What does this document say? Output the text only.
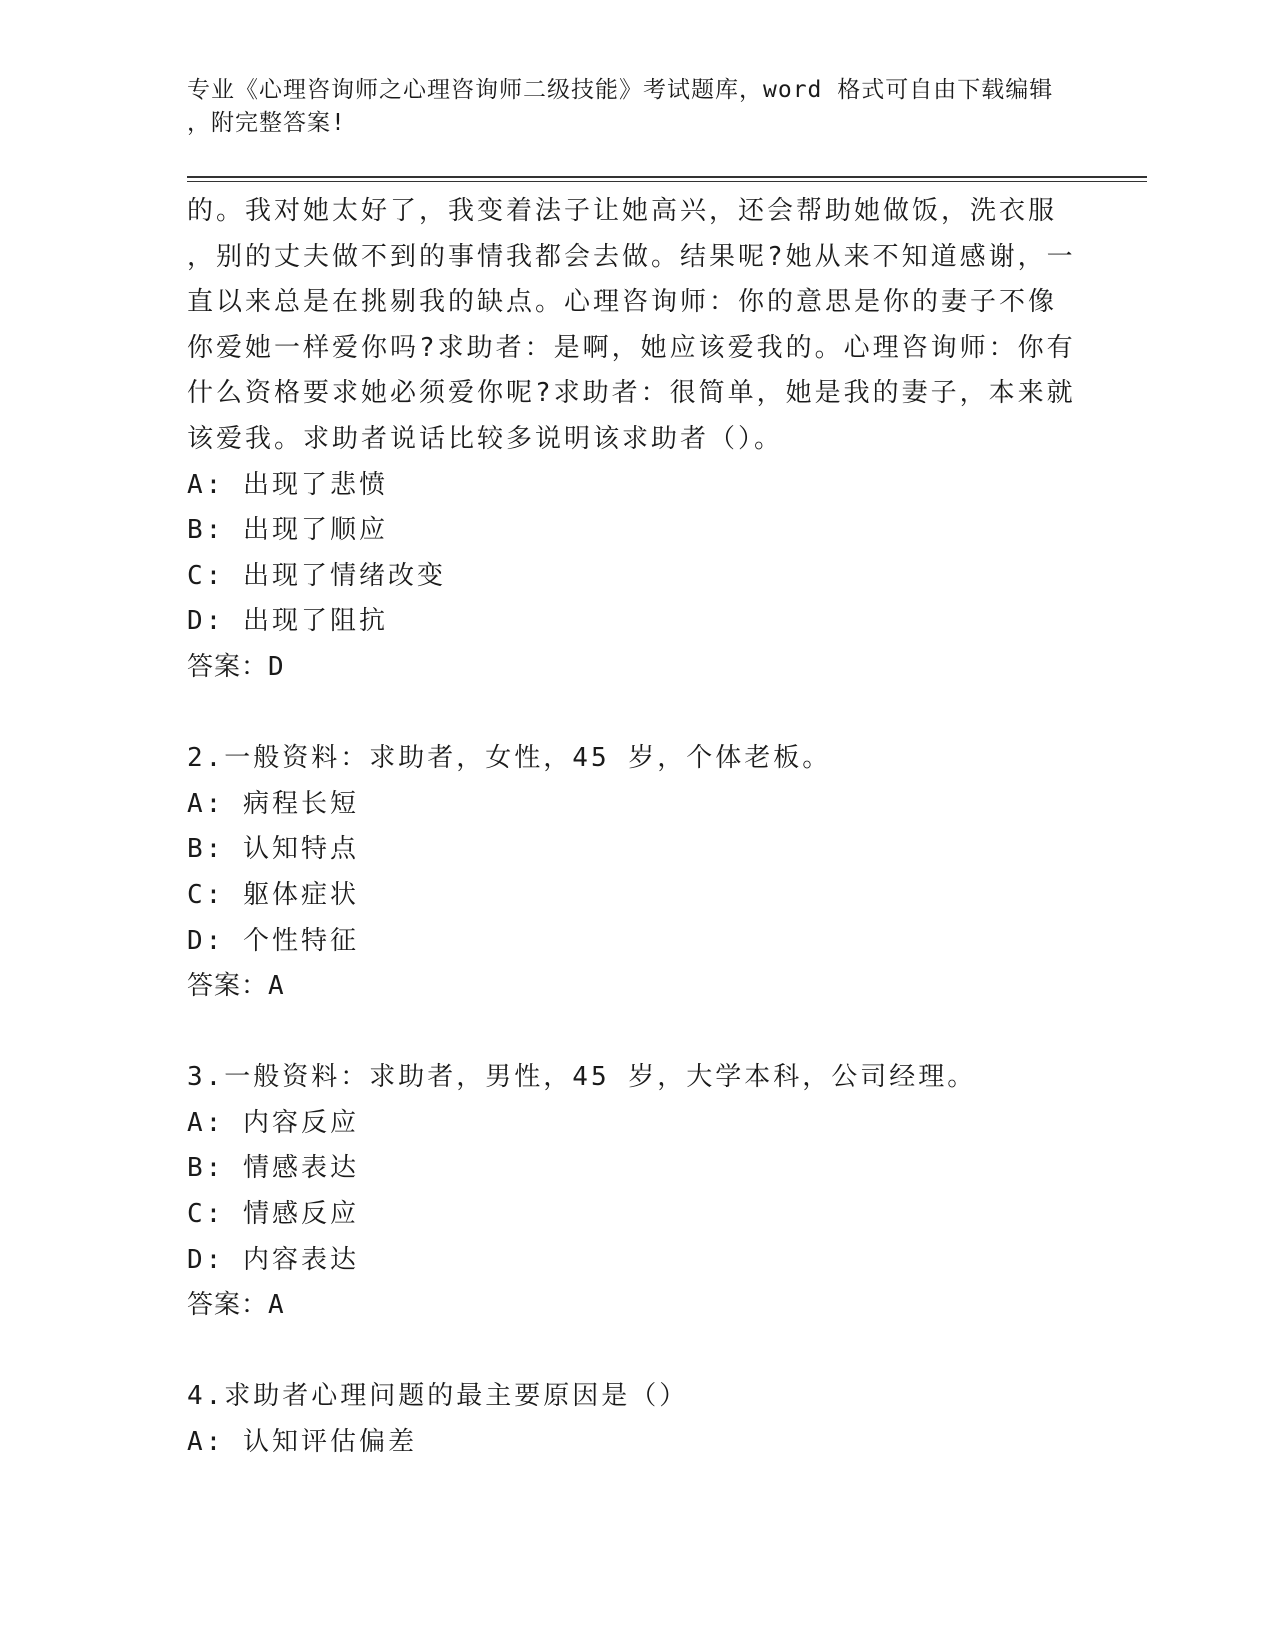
专业《心理咨询师之心理咨询师二级技能》考试题库，word 格式可自由下载编辑
，附完整答案!
的。我对她太好了，我变着法子让她高兴，还会帮助她做饭，洗衣服
，别的丈夫做不到的事情我都会去做。结果呢?她从来不知道感谢，一
直以来总是在挑剔我的缺点。心理咨询师：你的意思是你的妻子不像
你爱她一样爱你吗?求助者：是啊，她应该爱我的。心理咨询师：你有
什么资格要求她必须爱你呢?求助者：很简单，她是我的妻子，本来就
该爱我。求助者说话比较多说明该求助者（）。
A: 出现了悲愤
B: 出现了顺应
C: 出现了情绪改变
D: 出现了阻抗
答案：D
2.一般资料：求助者，女性，45 岁，个体老板。
A: 病程长短
B: 认知特点
C: 躯体症状
D: 个性特征
答案：A
3.一般资料：求助者，男性，45 岁，大学本科，公司经理。
A: 内容反应
B: 情感表达
C: 情感反应
D: 内容表达
答案：A
4.求助者心理问题的最主要原因是（）
A: 认知评估偏差
